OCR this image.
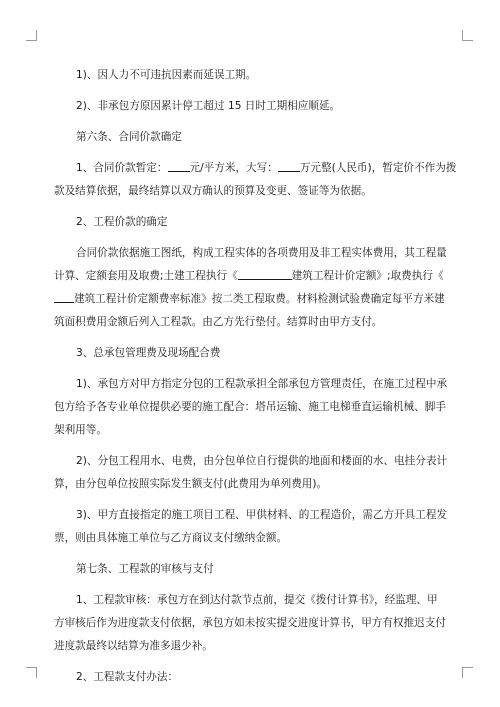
1)、因人力不可违抗因素而延误工期。
2)、非承包方原因累计停工超过 15 日时工期相应顺延。
第六条、合同价款确定
1、合同价款暂定： 元/平方米，大写： 万元整(人民币)，暂定价不作为拨
款及结算依据，最终结算以双方确认的预算及变更、签证等为依据。
2、工程价款的确定
合同价款依据施工图纸，构成工程实体的各项费用及非工程实体费用，其工程量
计算、定额套用及取费;土建工程执行《	建筑工程计价定额》;取费执行《
建筑工程计价定额费率标准》按二类工程取费。材料检测试验费确定每平方米建
筑面积费用金额后列入工程款。由乙方先行垫付。结算时由甲方支付。
3、总承包管理费及现场配合费
1)、承包方对甲方指定分包的工程款承担全部承包方管理责任，在施工过程中承
包方给予各专业单位提供必要的施工配合：塔吊运输、施工电梯垂直运输机械、脚手
架利用等。
2)、分包工程用水、电费，由分包单位自行提供的地面和楼面的水、电挂分表计
算，由分包单位按照实际发生额支付(此费用为单列费用)。
3)、甲方直接指定的施工项目工程、甲供材料、的工程造价，需乙方开具工程发
票，则由具体施工单位与乙方商议支付缴纳金额。
第七条、工程款的审核与支付
1、工程款审核：承包方在到达付款节点前，提交《拨付计算书》，经监理、甲
方审核后作为进度款支付依据，承包方如未按实提交进度计算书，甲方有权推迟支付
进度款最终以结算为准多退少补。
2、工程款支付办法：
